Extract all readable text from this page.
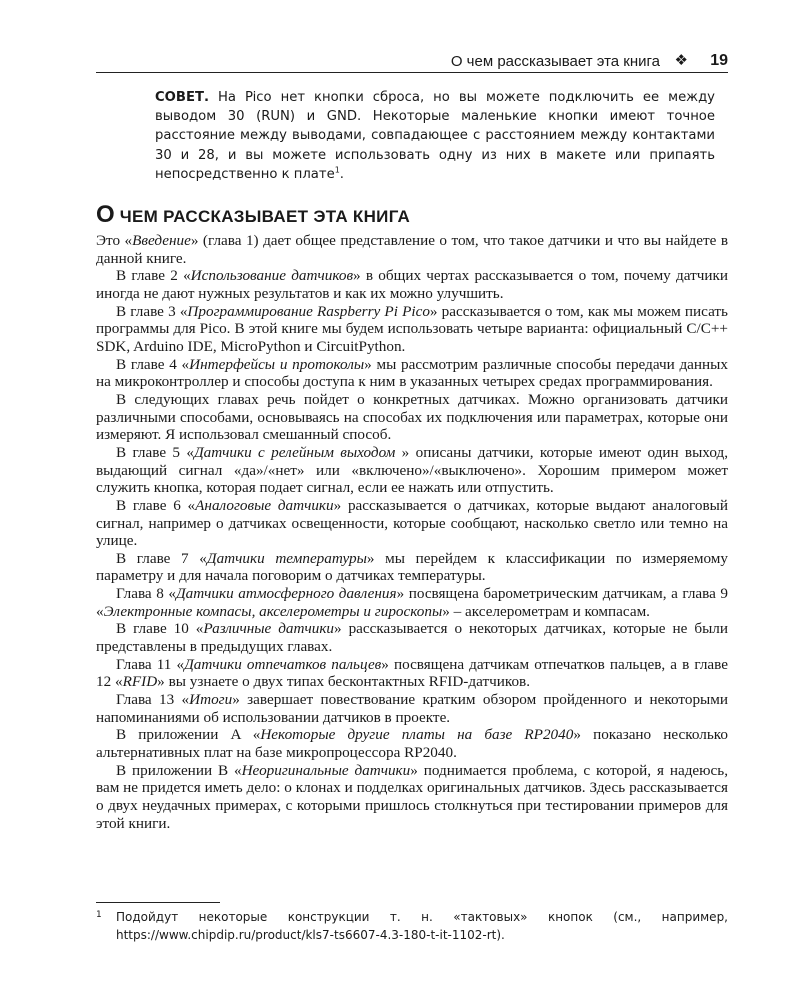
О чем рассказывает эта книга ❖ 19
СОВЕТ. На Pico нет кнопки сброса, но вы можете подключить ее между выводом 30 (RUN) и GND. Некоторые маленькие кнопки имеют точное расстояние между выводами, совпадающее с расстоянием между контактами 30 и 28, и вы можете использовать одну из них в макете или припаять непосредственно к плате$^1$.
О ЧЕМ РАССКАЗЫВАЕТ ЭТА КНИГА

Это «Введение» (глава 1) дает общее представление о том, что такое датчики и что вы найдете в данной книге.

В главе 2 «Использование датчиков» в общих чертах рассказывается о том, почему датчики иногда не дают нужных результатов и как их можно улучшить.

В главе 3 «Программирование Raspberry Pi Pico» рассказывается о том, как мы можем писать программы для Pico. В этой книге мы будем использовать четыре варианта: официальный C/C++ SDK, Arduino IDE, MicroPython и CircuitPython.

В главе 4 «Интерфейсы и протоколы» мы рассмотрим различные способы передачи данных на микроконтроллер и способы доступа к ним в указанных четырех средах программирования.

В следующих главах речь пойдет о конкретных датчиках. Можно организовать датчики различными способами, основываясь на способах их подключения или параметрах, которые они измеряют. Я использовал смешанный способ.

В главе 5 «Датчики с релейным выходом » описаны датчики, которые имеют один выход, выдающий сигнал «да»/«нет» или «включено»/«выключено». Хорошим примером может служить кнопка, которая подает сигнал, если ее нажать или отпустить.

В главе 6 «Аналоговые датчики» рассказывается о датчиках, которые выдают аналоговый сигнал, например о датчиках освещенности, которые сообщают, насколько светло или темно на улице.

В главе 7 «Датчики температуры» мы перейдем к классификации по измеряемому параметру и для начала поговорим о датчиках температуры.

Глава 8 «Датчики атмосферного давления» посвящена барометрическим датчикам, а глава 9 «Электронные компасы, акселерометры и гироскопы» – акселерометрам и компасам.

В главе 10 «Различные датчики» рассказывается о некоторых датчиках, которые не были представлены в предыдущих главах.

Глава 11 «Датчики отпечатков пальцев» посвящена датчикам отпечатков пальцев, а в главе 12 «RFID» вы узнаете о двух типах бесконтактных RFID-датчиков.

Глава 13 «Итоги» завершает повествование кратким обзором пройденного и некоторыми напоминаниями об использовании датчиков в проекте.

В приложении A «Некоторые другие платы на базе RP2040» показано несколько альтернативных плат на базе микропроцессора RP2040.

В приложении B «Неоригинальные датчики» поднимается проблема, с которой, я надеюсь, вам не придется иметь дело: о клонах и подделках оригинальных датчиков. Здесь рассказывается о двух неудачных примерах, с которыми пришлось столкнуться при тестировании примеров для этой книги.

1 Подойдут некоторые конструкции т. н. «тактовых» кнопок (см., например, https://www.chipdip.ru/product/kls7-ts6607-4.3-180-t-it-1102-rt).
